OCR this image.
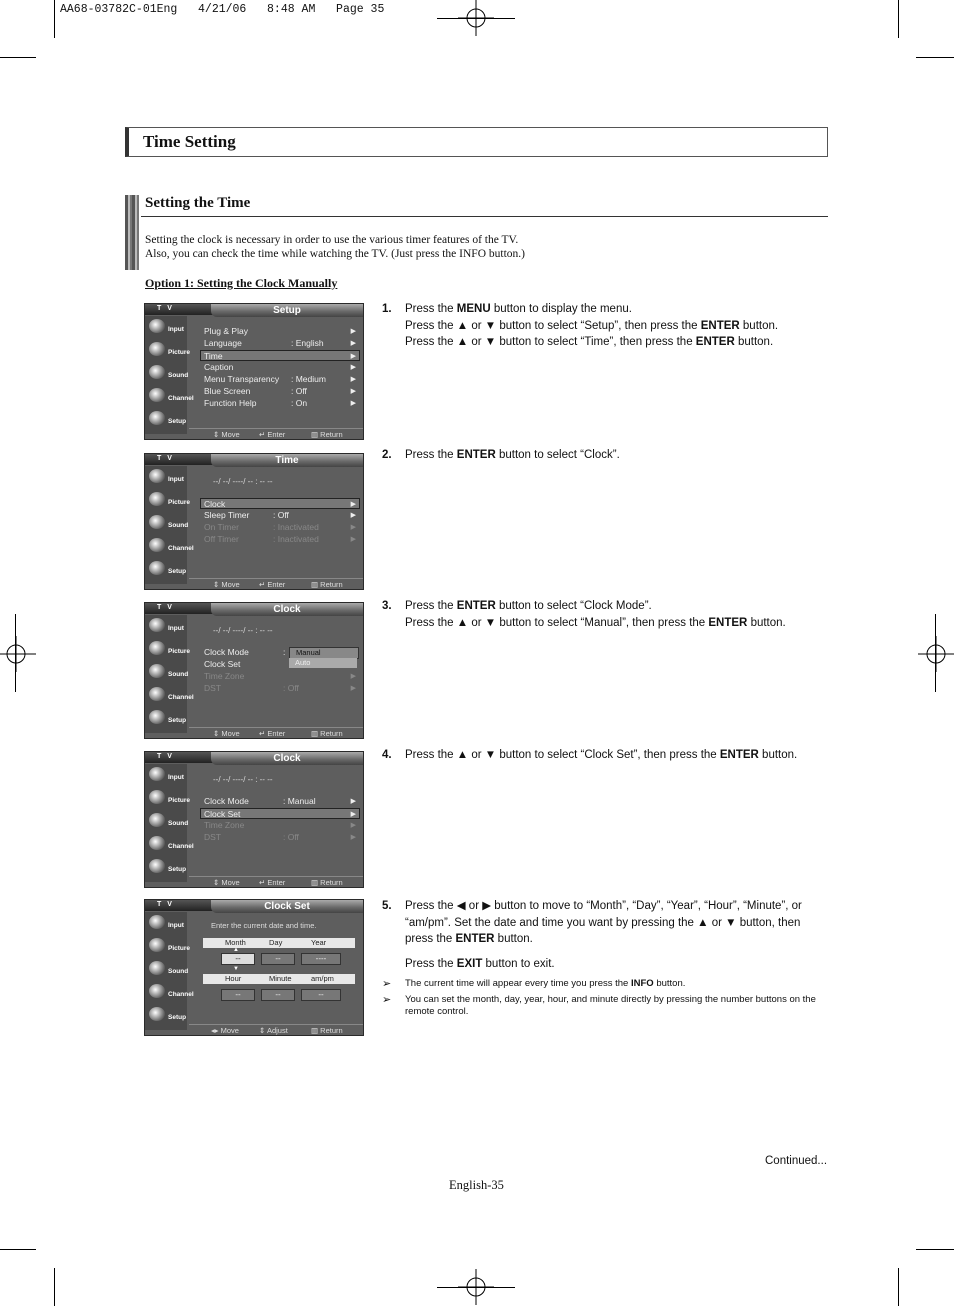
AA68-03782C-01Eng   4/21/06   8:48 AM   Page 35
Time Setting
Setting the Time
Setting the clock is necessary in order to use the various timer features of the TV.
Also, you can check the time while watching the TV. (Just press the INFO button.)
Option 1: Setting the Clock Manually
T V	Setup
Input
Picture
Sound
Channel
Setup
⇕ Move	↵ Enter	▥ Return
Plug & Play	▶
Language	: English	▶
Time	▶
Caption	▶
Menu Transparency : Medium	▶
Blue Screen	: Off	▶
Function Help	: On	▶
T V	Time
Input
Picture
Sound
Channel
Setup
⇕ Move	↵ Enter	▥ Return
--/ --/ ----/ -- : -- --
Clock	▶
Sleep Timer	: Off	▶
On Timer	: Inactivated	▶
Off Timer	: Inactivated	▶
T V	Clock
Input
Picture
Sound
Channel
Setup
⇕ Move	↵ Enter	▥ Return
--/ --/ ----/ -- : -- --
Clock Mode	:
Clock Set
Time Zone	▶
DST	: Off	▶
Manual
Auto
T V	Clock
Input
Picture
Sound
Channel
Setup
⇕ Move	↵ Enter	▥ Return
--/ --/ ----/ -- : -- --
Clock Mode	: Manual	▶
Clock Set	▶
Time Zone	▶
DST	: Off	▶
T V	Clock Set
Input
Picture
Sound
Channel
Setup
◂▸ Move	⇕ Adjust	▥ Return
Enter the current date and time.
Month	Day	Year
--	--	----
Hour	Minute	am/pm
--	--	--
▲
▼
1. Press the MENU button to display the menu.
Press the ▲ or ▼ button to select “Setup”, then press the ENTER button.
Press the ▲ or ▼ button to select “Time”, then press the ENTER button.
2. Press the ENTER button to select “Clock”.
3. Press the ENTER button to select “Clock Mode”.
Press the ▲ or ▼ button to select “Manual”, then press the ENTER button.
4. Press the ▲ or ▼ button to select “Clock Set”, then press the ENTER button.
5. Press the ◀ or ▶ button to move to “Month”, “Day”, “Year”, “Hour”, “Minute”, or “am/pm”. Set the date and time you want by pressing the ▲ or ▼ button, then press the ENTER button.
Press the EXIT button to exit.
➢ The current time will appear every time you press the INFO button.
➢ You can set the month, day, year, hour, and minute directly by pressing the number buttons on the remote control.
Continued...
English-35
